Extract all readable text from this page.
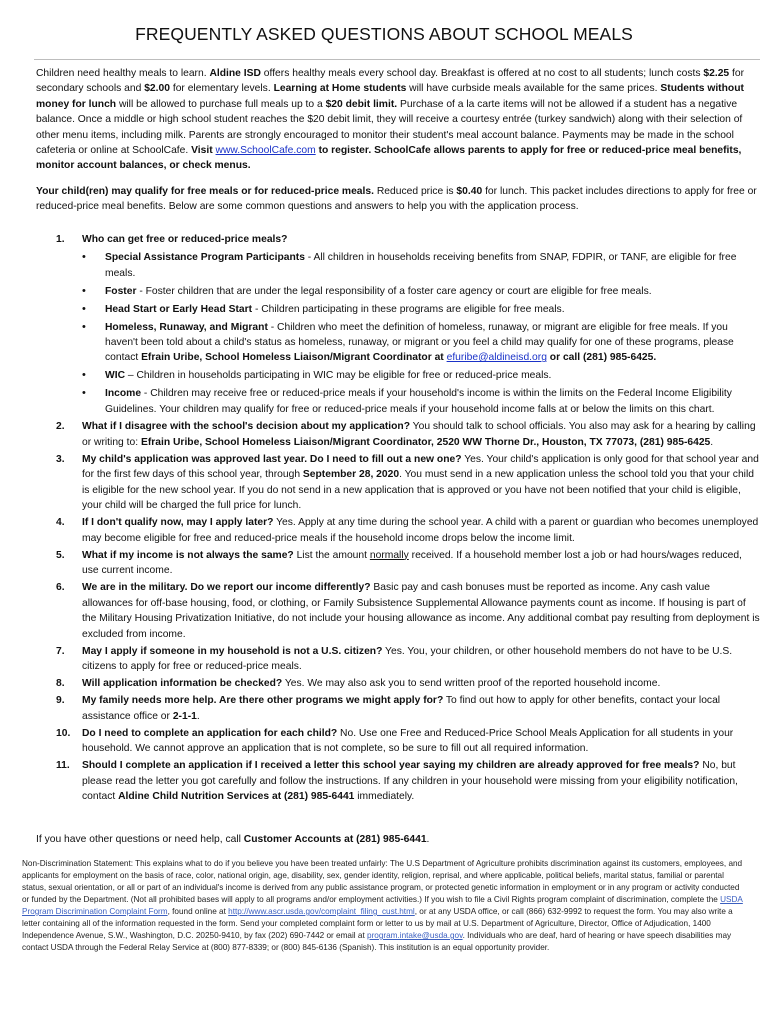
FREQUENTLY ASKED QUESTIONS ABOUT SCHOOL MEALS

Children need healthy meals to learn. Aldine ISD offers healthy meals every school day. Breakfast is offered at no cost to all students; lunch costs $2.25 for secondary schools and $2.00 for elementary levels. Learning at Home students will have curbside meals available for the same prices. Students without money for lunch will be allowed to purchase full meals up to a $20 debit limit. Purchase of a la carte items will not be allowed if a student has a negative balance. Once a middle or high school student reaches the $20 debit limit, they will receive a courtesy entrée (turkey sandwich) along with their selection of other menu items, including milk. Parents are strongly encouraged to monitor their student's meal account balance. Payments may be made in the school cafeteria or online at SchoolCafe. Visit www.SchoolCafe.com to register. SchoolCafe allows parents to apply for free or reduced-price meal benefits, monitor account balances, or check menus.

Your child(ren) may qualify for free meals or for reduced-price meals. Reduced price is $0.40 for lunch. This packet includes directions to apply for free or reduced-price meal benefits. Below are some common questions and answers to help you with the application process.

1. Who can get free or reduced-price meals?
• Special Assistance Program Participants - All children in households receiving benefits from SNAP, FDPIR, or TANF, are eligible for free meals.
• Foster - Foster children that are under the legal responsibility of a foster care agency or court are eligible for free meals.
• Head Start or Early Head Start - Children participating in these programs are eligible for free meals.
• Homeless, Runaway, and Migrant - Children who meet the definition of homeless, runaway, or migrant are eligible for free meals. If you haven't been told about a child's status as homeless, runaway, or migrant or you feel a child may qualify for one of these programs, please contact Efrain Uribe, School Homeless Liaison/Migrant Coordinator at efuribe@aldineisd.org or call (281) 985-6425.
• WIC – Children in households participating in WIC may be eligible for free or reduced-price meals.
• Income - Children may receive free or reduced-price meals if your household's income is within the limits on the Federal Income Eligibility Guidelines. Your children may qualify for free or reduced-price meals if your household income falls at or below the limits on this chart.
2. What if I disagree with the school's decision about my application? You should talk to school officials. You also may ask for a hearing by calling or writing to: Efrain Uribe, School Homeless Liaison/Migrant Coordinator, 2520 WW Thorne Dr., Houston, TX 77073, (281) 985-6425.
3. My child's application was approved last year. Do I need to fill out a new one? Yes. Your child's application is only good for that school year and for the first few days of this school year, through September 28, 2020. You must send in a new application unless the school told you that your child is eligible for the new school year. If you do not send in a new application that is approved or you have not been notified that your child is eligible, your child will be charged the full price for lunch.
4. If I don't qualify now, may I apply later? Yes. Apply at any time during the school year. A child with a parent or guardian who becomes unemployed may become eligible for free and reduced-price meals if the household income drops below the income limit.
5. What if my income is not always the same? List the amount normally received. If a household member lost a job or had hours/wages reduced, use current income.
6. We are in the military. Do we report our income differently? Basic pay and cash bonuses must be reported as income. Any cash value allowances for off-base housing, food, or clothing, or Family Subsistence Supplemental Allowance payments count as income. If housing is part of the Military Housing Privatization Initiative, do not include your housing allowance as income. Any additional combat pay resulting from deployment is excluded from income.
7. May I apply if someone in my household is not a U.S. citizen? Yes. You, your children, or other household members do not have to be U.S. citizens to apply for free or reduced-price meals.
8. Will application information be checked? Yes. We may also ask you to send written proof of the reported household income.
9. My family needs more help. Are there other programs we might apply for? To find out how to apply for other benefits, contact your local assistance office or 2-1-1.
10. Do I need to complete an application for each child? No. Use one Free and Reduced-Price School Meals Application for all students in your household. We cannot approve an application that is not complete, so be sure to fill out all required information.
11. Should I complete an application if I received a letter this school year saying my children are already approved for free meals? No, but please read the letter you got carefully and follow the instructions. If any children in your household were missing from your eligibility notification, contact Aldine Child Nutrition Services at (281) 985-6441 immediately.

If you have other questions or need help, call Customer Accounts at (281) 985-6441.

Non-Discrimination Statement: This explains what to do if you believe you have been treated unfairly: The U.S Department of Agriculture prohibits discrimination against its customers, employees, and applicants for employment on the basis of race, color, national origin, age, disability, sex, gender identity, religion, reprisal, and where applicable, political beliefs, marital status, familial or parental status, sexual orientation, or all or part of an individual's income is derived from any public assistance program, or protected genetic information in employment or in any program or activity conducted or funded by the Department. (Not all prohibited bases will apply to all programs and/or employment activities.) If you wish to file a Civil Rights program complaint of discrimination, complete the USDA Program Discrimination Complaint Form, found online at http://www.ascr.usda.gov/complaint_filing_cust.html, or at any USDA office, or call (866) 632-9992 to request the form. You may also write a letter containing all of the information requested in the form. Send your completed complaint form or letter to us by mail at U.S. Department of Agriculture, Director, Office of Adjudication, 1400 Independence Avenue, S.W., Washington, D.C. 20250-9410, by fax (202) 690-7442 or email at program.intake@usda.gov. Individuals who are deaf, hard of hearing or have speech disabilities may contact USDA through the Federal Relay Service at (800) 877-8339; or (800) 845-6136 (Spanish). This institution is an equal opportunity provider.
